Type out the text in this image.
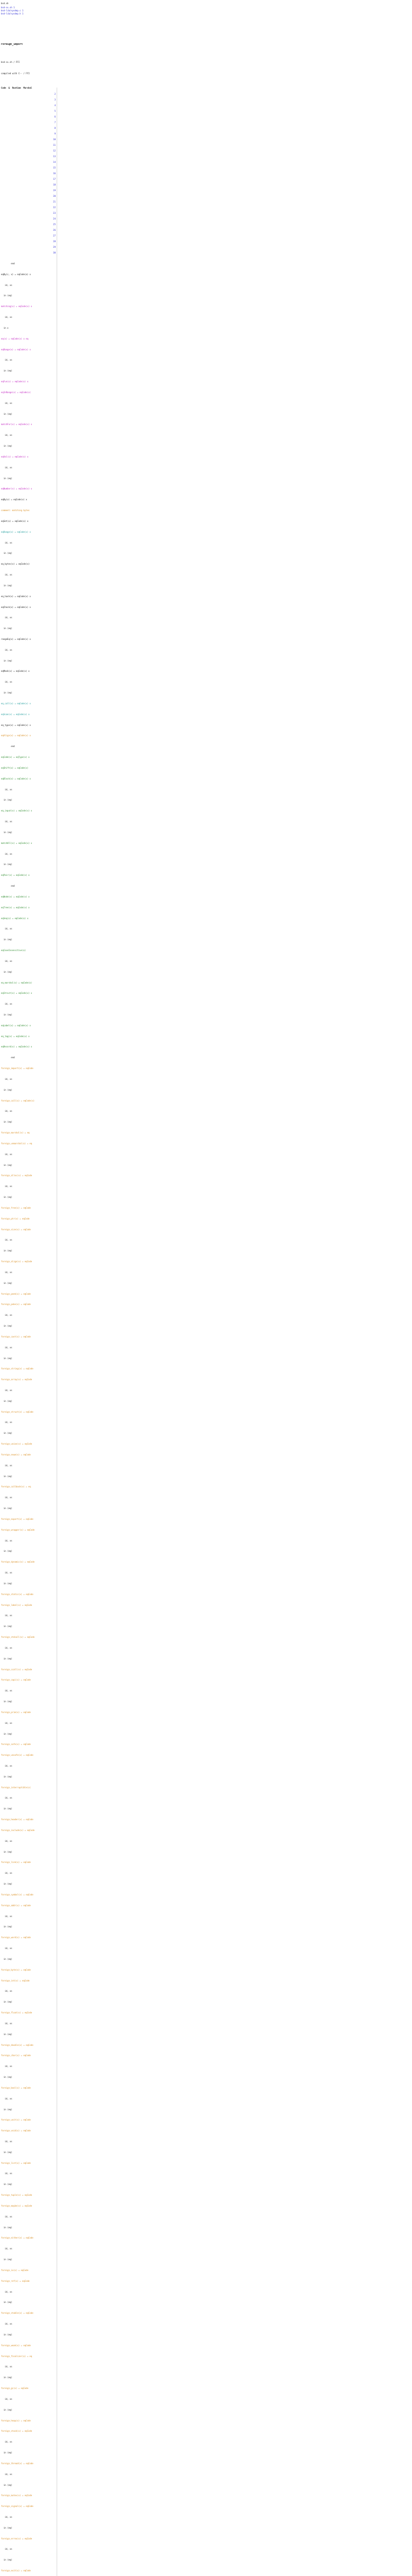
bsd.sh
bsd-sv.sh 1
bsd-lib/sysdep.c 1
bsd-lib/sysdep.h 1
Foreign_import
bsd-sv.sh / FFI
compiled with C-- / FFI
Code  &  Runtime  Marshal
2
3
4
5
6
7
8
9
10
11
12
13
14
15
16
17
18
19
20
21
22
23
24
25
26
27
28
29
30
end
eqBy(c, x) = eqCode(a) x
id, xs
in (eq)
matching(x) = eqCode(x) x
id, xs
in x
eq(x) = eqCode(x) x eq
eqRange(x) = eqCode(x) x
id, xs
in (eq)
eqFun(x) = eqCode(x) x
eqInRange(x) = eqCode(x)
id, xs
in (eq)
matchFor(x) = eqCode(x) x
id, xs
in (eq)
eqVal(x) = eqCode(x) x
id, xs
in (eq)
eqNumber(x) = eqCode(x) x
eqBy(x) = eqCode(x) x
comment: matching bytes
eqSet(x) = eqCode(x) x
eqRange(x) = eqCode(x) x
id, xs
in (eq)
eq_bytes(x) = eqCode(x)
id, xs
in (eq)
eq_hash(x) = eqCode(x) x
eqCheck(x) = eqCode(x) x
id, xs
in (eq)
rangeEq(x) = eqCode(x) x
id, xs
in (eq)
eqMask(x) = eqCode(x) x
id, xs
in (eq)
eq_call(x) = eqCode(x) x
eqScan(x) = eqCode(x) x
eq_type(x) = eqCode(x) x
eqAlign(x) = eqCode(x) x
end
eqCode(x) = eqType(x) x
eqShift(x) = eqCode(x)
eqBlock(x) = eqCode(x) x
id, xs
in (eq)
eq_input(x) = eqCode(x) x
id, xs
in (eq)
matchAll(x) = eqCode(x) x
id, xs
in (eq)
eqPair(x) = eqCode(x) x
end
eqNode(x) = eqCode(x) x
eqTree(x) = eqCode(x) x
eqSeq(x) = eqCode(x) x
id, xs
in (eq)
eqCaseInsensitive(x)
id, xs
in (eq)
eq_marshal(x) = eqCode(x)
eqStruct(x) = eqCode(x) x
id, xs
in (eq)
eqLabel(x) = eqCode(x) x
eq_tag(x) = eqCode(x) x
eqRecord(x) = eqCode(x) x
end
foreign_import(x) = eqCode
id, xs
in (eq)
foreign_call(x) = eqCode(x)
id, xs
in (eq)
foreign_marshal(x) = eq
foreign_unmarshal(x) = eq
id, xs
in (eq)
foreign_alloc(x) = eqCode
id, xs
in (eq)
foreign_free(x) = eqCode
foreign_ptr(x) = eqCode
foreign_size(x) = eqCode
id, xs
in (eq)
foreign_align(x) = eqCode
id, xs
in (eq)
foreign_peek(x) = eqCode
foreign_poke(x) = eqCode
id, xs
in (eq)
foreign_cast(x) = eqCode
id, xs
in (eq)
foreign_string(x) = eqCode
foreign_array(x) = eqCode
id, xs
in (eq)
foreign_struct(x) = eqCode
id, xs
in (eq)
foreign_union(x) = eqCode
foreign_enum(x) = eqCode
id, xs
in (eq)
foreign_callback(x) = eq
id, xs
in (eq)
foreign_export(x) = eqCode
foreign_wrapper(x) = eqCode
id, xs
in (eq)
foreign_dynamic(x) = eqCode
id, xs
in (eq)
foreign_static(x) = eqCode
foreign_label(x) = eqCode
id, xs
in (eq)
foreign_stdcall(x) = eqCode
id, xs
in (eq)
foreign_ccall(x) = eqCode
foreign_capi(x) = eqCode
id, xs
in (eq)
foreign_prim(x) = eqCode
id, xs
in (eq)
foreign_safe(x) = eqCode
foreign_unsafe(x) = eqCode
id, xs
in (eq)
foreign_interruptible(x)
id, xs
in (eq)
foreign_header(x) = eqCode
foreign_include(x) = eqCode
id, xs
in (eq)
foreign_link(x) = eqCode
id, xs
in (eq)
foreign_symbol(x) = eqCode
foreign_addr(x) = eqCode
id, xs
in (eq)
foreign_word(x) = eqCode
id, xs
in (eq)
foreign_byte(x) = eqCode
foreign_int(x) = eqCode
id, xs
in (eq)
foreign_float(x) = eqCode
id, xs
in (eq)
foreign_double(x) = eqCode
foreign_char(x) = eqCode
id, xs
in (eq)
foreign_bool(x) = eqCode
id, xs
in (eq)
foreign_unit(x) = eqCode
foreign_void(x) = eqCode
id, xs
in (eq)
foreign_list(x) = eqCode
id, xs
in (eq)
foreign_tuple(x) = eqCode
foreign_maybe(x) = eqCode
id, xs
in (eq)
foreign_either(x) = eqCode
id, xs
in (eq)
foreign_io(x) = eqCode
foreign_ref(x) = eqCode
id, xs
in (eq)
foreign_stable(x) = eqCode
id, xs
in (eq)
foreign_weak(x) = eqCode
foreign_finalizer(x) = eq
id, xs
in (eq)
foreign_gc(x) = eqCode
id, xs
in (eq)
foreign_heap(x) = eqCode
foreign_stack(x) = eqCode
id, xs
in (eq)
foreign_thread(x) = eqCode
id, xs
in (eq)
foreign_mutex(x) = eqCode
foreign_signal(x) = eqCode
id, xs
in (eq)
foreign_errno(x) = eqCode
id, xs
in (eq)
foreign_exit(x) = eqCode
